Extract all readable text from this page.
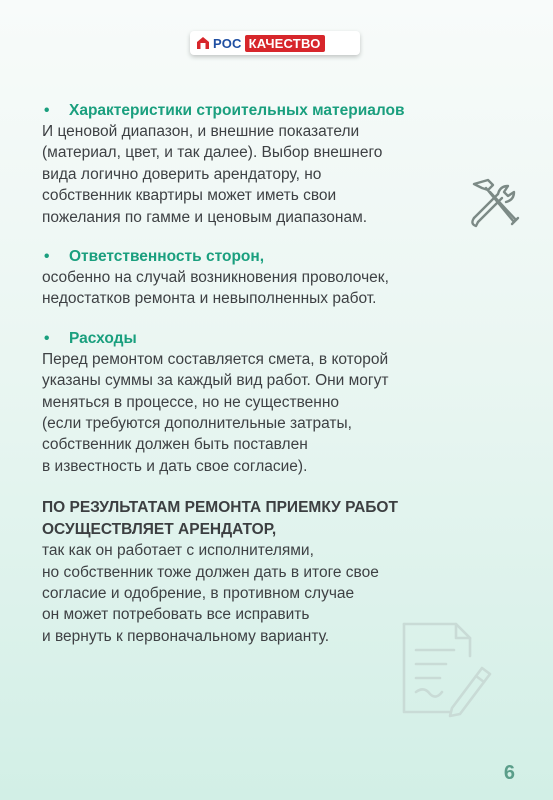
РОС КАЧЕСТВО
• Характеристики строительных материалов
И ценовой диапазон, и внешние показатели
(материал, цвет, и так далее). Выбор внешнего
вида логично доверить арендатору, но
собственник квартиры может иметь свои
пожелания по гамме и ценовым диапазонам.
• Ответственность сторон,
особенно на случай возникновения проволочек,
недостатков ремонта и невыполненных работ.
• Расходы
Перед ремонтом составляется смета, в которой
указаны суммы за каждый вид работ. Они могут
меняться в процессе, но не существенно
(если требуются дополнительные затраты,
собственник должен быть поставлен
в известность и дать свое согласие).
ПО РЕЗУЛЬТАТАМ РЕМОНТА ПРИЕМКУ РАБОТ
ОСУЩЕСТВЛЯЕТ АРЕНДАТОР,
так как он работает с исполнителями,
но собственник тоже должен дать в итоге свое
согласие и одобрение, в противном случае
он может потребовать все исправить
и вернуть к первоначальному варианту.
6
